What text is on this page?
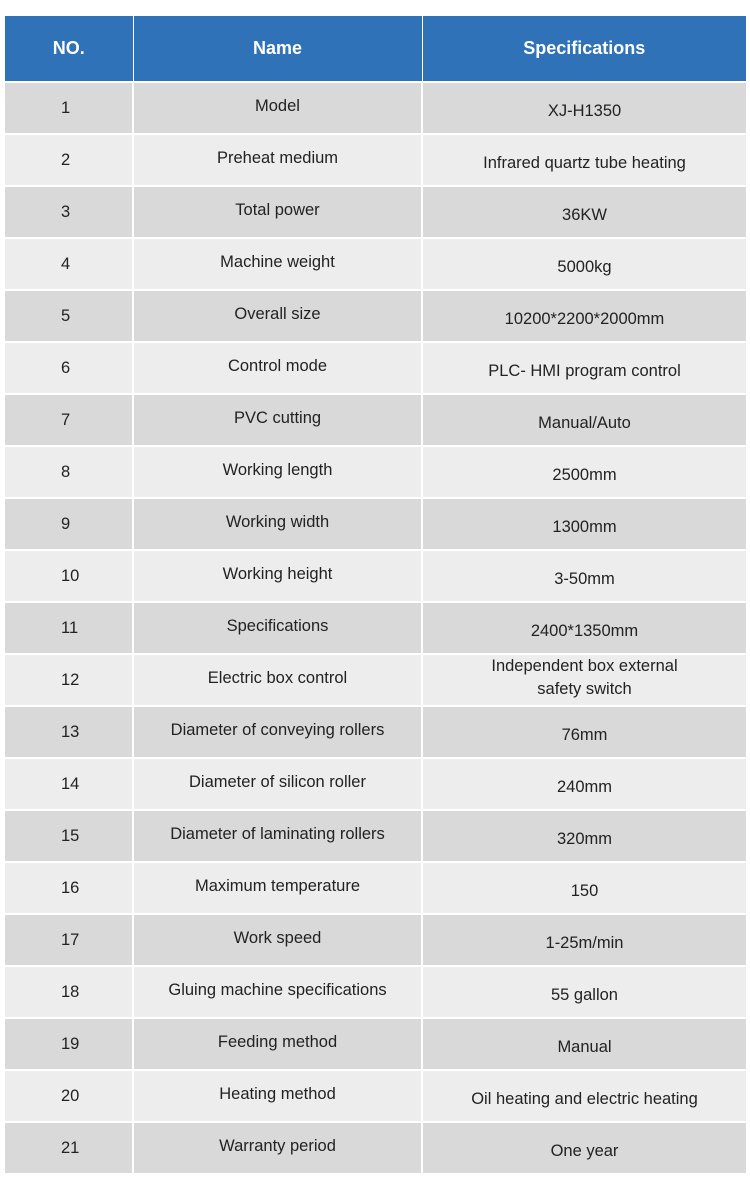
NO.	Name	Specifications
1	Model	XJ-H1350
2	Preheat medium	Infrared quartz tube heating
3	Total power	36KW
4	Machine weight	5000kg
5	Overall size	10200*2200*2000mm
6	Control mode	PLC- HMI program control
7	PVC cutting	Manual/Auto
8	Working length	2500mm
9	Working width	1300mm
10	Working height	3-50mm
11	Specifications	2400*1350mm
12	Electric box control	Independent box external safety switch
13	Diameter of conveying rollers	76mm
14	Diameter of silicon roller	240mm
15	Diameter of laminating rollers	320mm
16	Maximum temperature	150
17	Work speed	1-25m/min
18	Gluing machine specifications	55 gallon
19	Feeding method	Manual
20	Heating method	Oil heating and electric heating
21	Warranty period	One year
